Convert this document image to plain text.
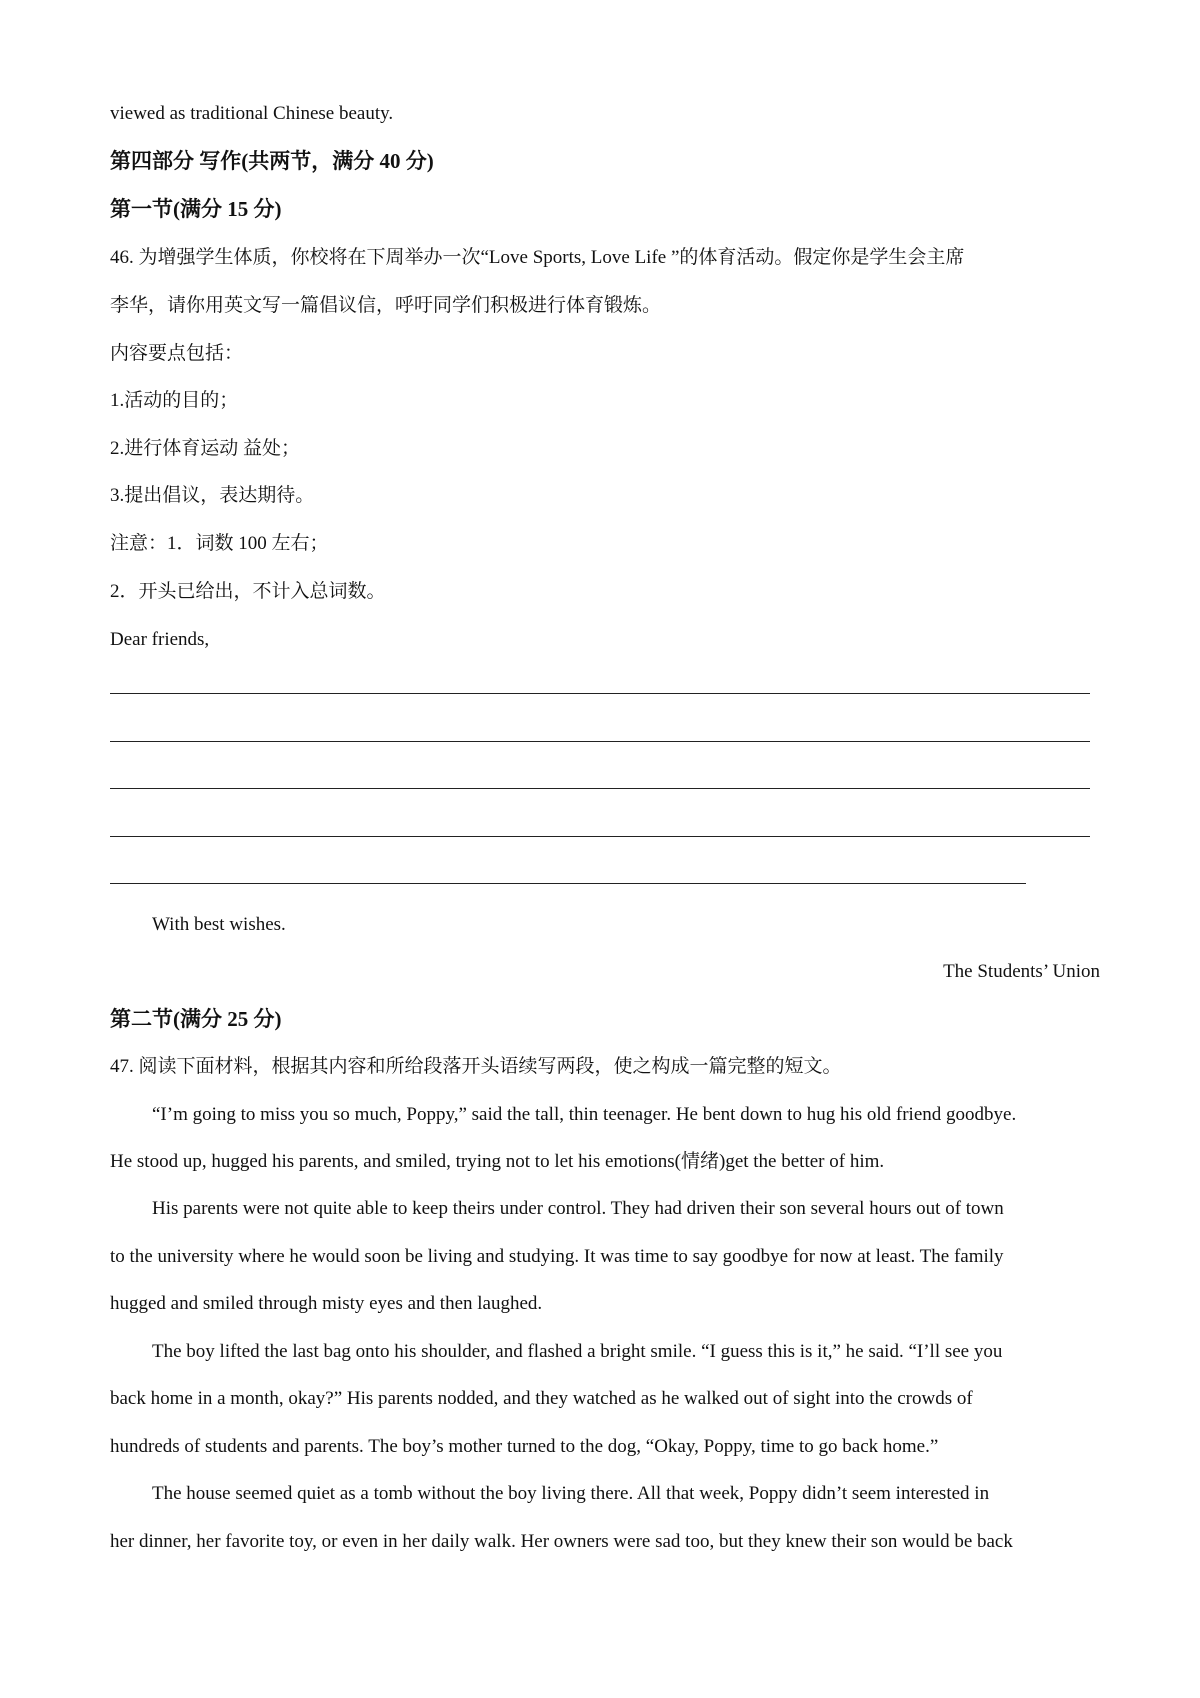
viewed as traditional Chinese beauty.
第四部分 写作(共两节，满分 40 分)
第一节(满分 15 分)
46. 为增强学生体质，你校将在下周举办一次“Love Sports, Love Life ”的体育活动。假定你是学生会主席
李华，请你用英文写一篇倡议信，呼吁同学们积极进行体育锻炼。
内容要点包括：
1.活动的目的；
2.进行体育运动 益处；
3.提出倡议，表达期待。
注意：1．词数 100 左右；
2．开头已给出，不计入总词数。
Dear friends,
With best wishes.
The Students’ Union
第二节(满分 25 分)
47. 阅读下面材料，根据其内容和所给段落开头语续写两段，使之构成一篇完整的短文。
“I’m going to miss you so much, Poppy,” said the tall, thin teenager. He bent down to hug his old friend goodbye.
He stood up, hugged his parents, and smiled, trying not to let his emotions(情绪)get the better of him.
His parents were not quite able to keep theirs under control. They had driven their son several hours out of town
to the university where he would soon be living and studying. It was time to say goodbye for now at least. The family
hugged and smiled through misty eyes and then laughed.
The boy lifted the last bag onto his shoulder, and flashed a bright smile. “I guess this is it,” he said. “I’ll see you
back home in a month, okay?” His parents nodded, and they watched as he walked out of sight into the crowds of
hundreds of students and parents. The boy’s mother turned to the dog, “Okay, Poppy, time to go back home.”
The house seemed quiet as a tomb without the boy living there. All that week, Poppy didn’t seem interested in
her dinner, her favorite toy, or even in her daily walk. Her owners were sad too, but they knew their son would be back
